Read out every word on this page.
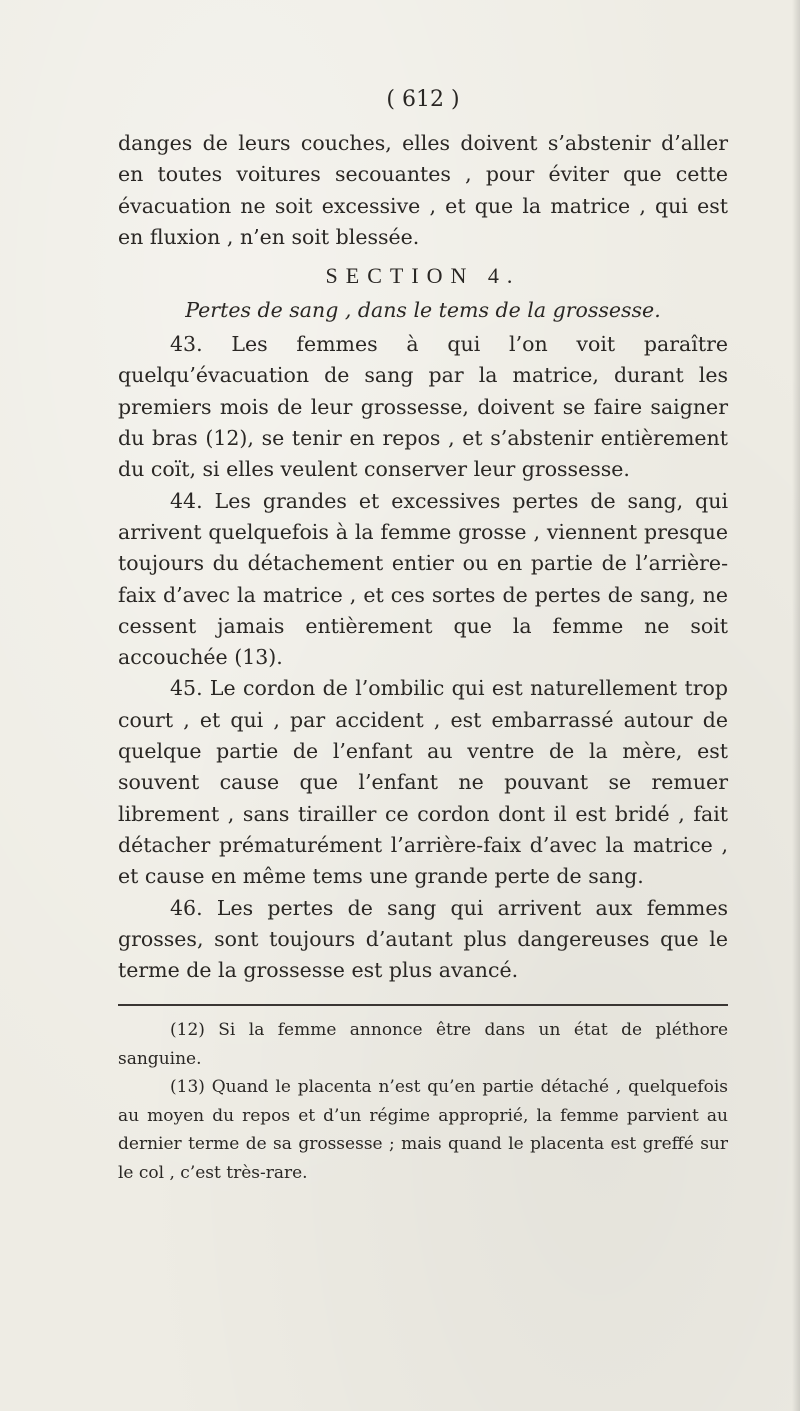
( 612 )

danges de leurs couches, elles doivent s’abstenir d’aller en toutes voitures secouantes , pour éviter que cette évacuation ne soit excessive , et que la matrice , qui est en fluxion , n’en soit blessée.

SECTION 4.
Pertes de sang , dans le tems de la grossesse.

43. Les femmes à qui l’on voit paraître quelqu’évacuation de sang par la matrice, durant les premiers mois de leur grossesse, doivent se faire saigner du bras (12), se tenir en repos , et s’abstenir entièrement du coït, si elles veulent conserver leur grossesse.

44. Les grandes et excessives pertes de sang, qui arrivent quelquefois à la femme grosse , viennent presque toujours du détachement entier ou en partie de l’arrière-faix d’avec la matrice , et ces sortes de pertes de sang, ne cessent jamais entièrement que la femme ne soit accouchée (13).

45. Le cordon de l’ombilic qui est naturellement trop court , et qui , par accident , est embarrassé autour de quelque partie de l’enfant au ventre de la mère, est souvent cause que l’enfant ne pouvant se remuer librement , sans tirailler ce cordon dont il est bridé , fait détacher prématurément l’arrière-faix d’avec la matrice , et cause en même tems une grande perte de sang.

46. Les pertes de sang qui arrivent aux femmes grosses, sont toujours d’autant plus dangereuses que le terme de la grossesse est plus avancé.

(12) Si la femme annonce être dans un état de pléthore sanguine.

(13) Quand le placenta n’est qu’en partie détaché , quelquefois au moyen du repos et d’un régime approprié, la femme parvient au dernier terme de sa grossesse ; mais quand le placenta est greffé sur le col , c’est très-rare.
